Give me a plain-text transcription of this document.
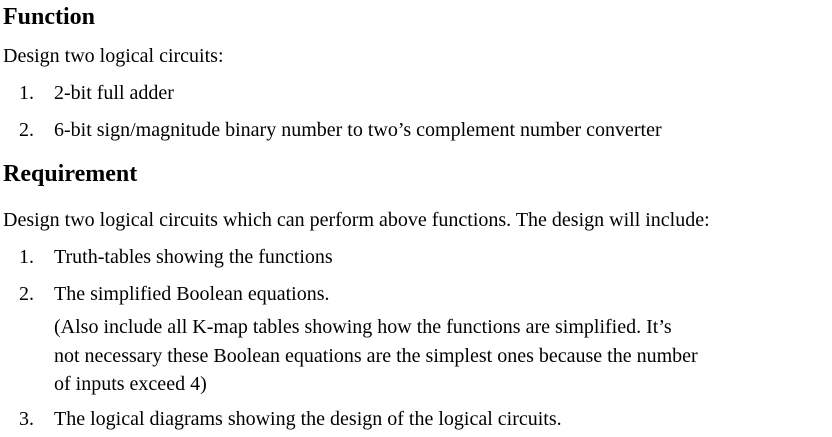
Function

Design two logical circuits:

1.	2-bit full adder
2.	6-bit sign/magnitude binary number to two’s complement number converter
Requirement

Design two logical circuits which can perform above functions. The design will include:

1.	Truth-tables showing the functions
2.	The simplified Boolean equations.
(Also include all K-map tables showing how the functions are simplified. It’s
not necessary these Boolean equations are the simplest ones because the number
of inputs exceed 4)
3.	The logical diagrams showing the design of the logical circuits.
